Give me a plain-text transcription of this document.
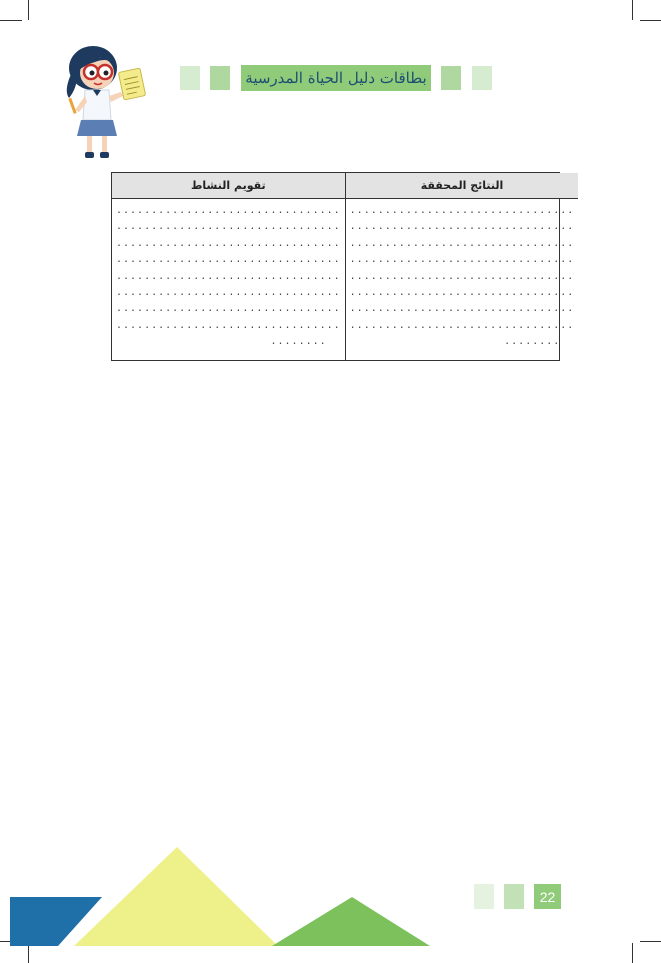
بطاقات دليل الحياة المدرسية
تقويم النشاط
................................
................................
................................
................................
................................
................................
................................
................................
........
النتائج المحققة
................................
................................
................................
................................
................................
................................
................................
................................
........
22
